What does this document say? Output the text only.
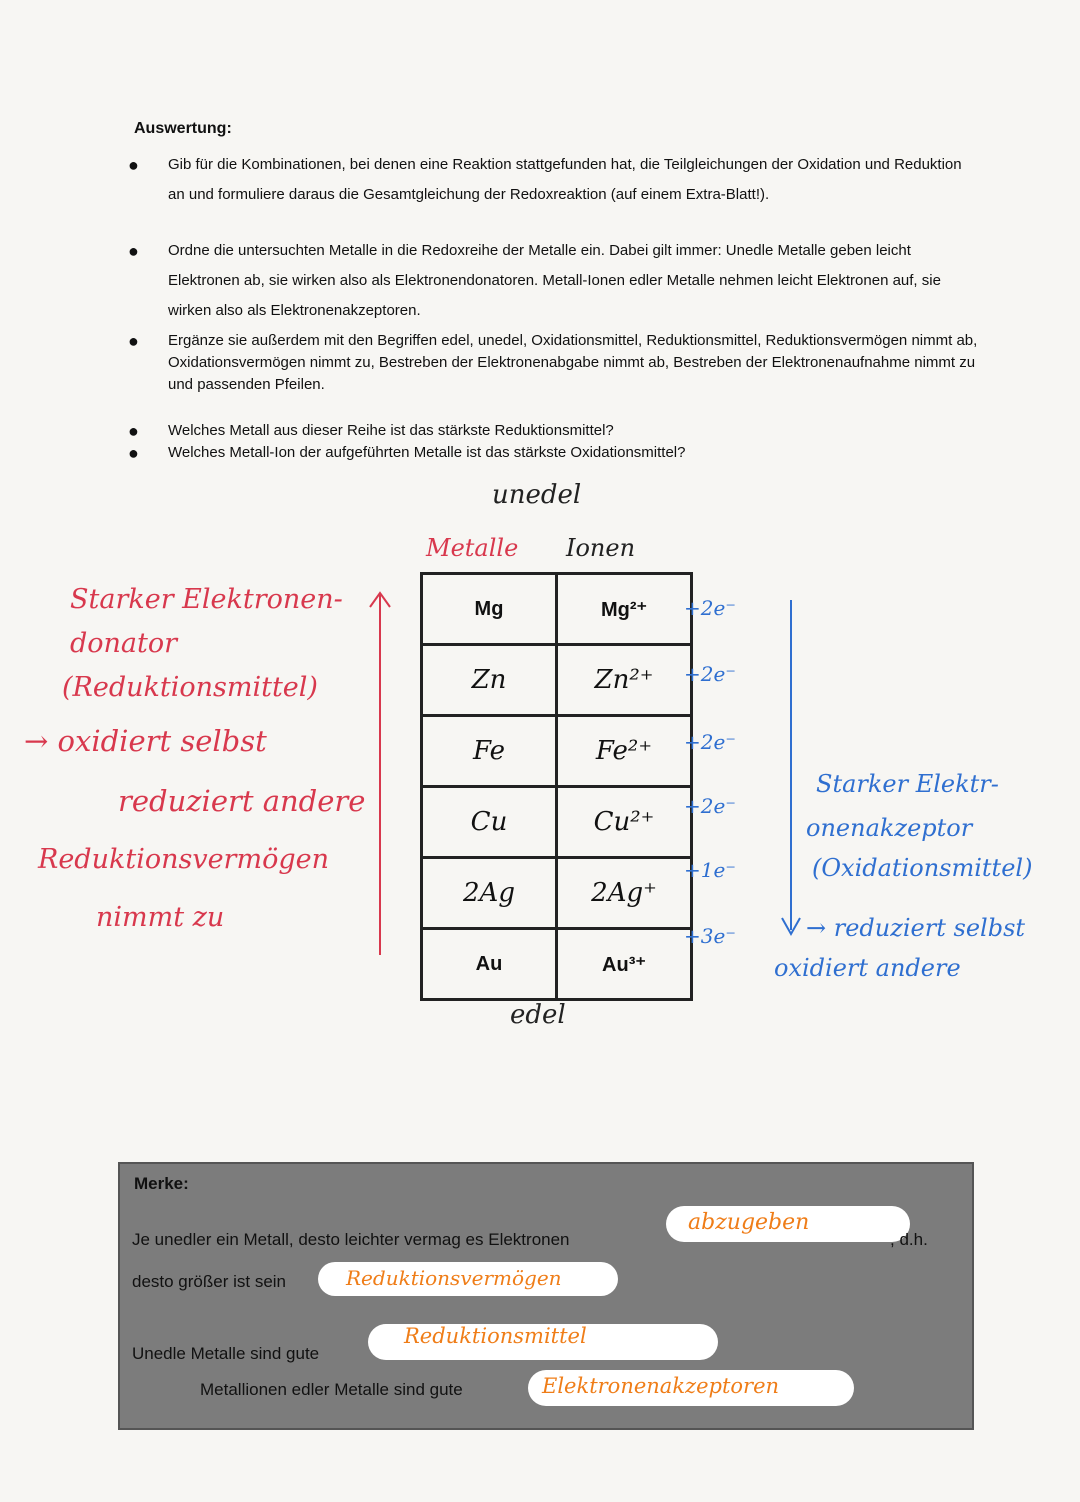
Auswertung:
●	Gib für die Kombinationen, bei denen eine Reaktion stattgefunden hat, die Teilgleichungen der Oxidation und Reduktion an und formuliere daraus die Gesamtgleichung der Redoxreaktion (auf einem Extra-Blatt!).
●	Ordne die untersuchten Metalle in die Redoxreihe der Metalle ein. Dabei gilt immer: Unedle Metalle geben leicht Elektronen ab, sie wirken also als Elektronendonatoren. Metall-Ionen edler Metalle nehmen leicht Elektronen auf, sie wirken also als Elektronenakzeptoren.
●	Ergänze sie außerdem mit den Begriffen edel, unedel, Oxidationsmittel, Reduktionsmittel, Reduktionsvermögen nimmt ab, Oxidationsvermögen nimmt zu, Bestreben der Elektronenabgabe nimmt ab, Bestreben der Elektronenaufnahme nimmt zu und passenden Pfeilen.
●	Welches Metall aus dieser Reihe ist das stärkste Reduktionsmittel?
●	Welches Metall-Ion der aufgeführten Metalle ist das stärkste Oxidationsmittel?
unedel
Metalle Ionen
Mg	Mg²⁺
Zn	Zn²⁺
Fe	Fe²⁺
Cu	Cu²⁺
2Ag	2Ag⁺
Au	Au³⁺
+2e⁻
+2e⁻
+2e⁻
+2e⁻
+1e⁻
+3e⁻
Starker Elektronen-
donator
(Reduktionsmittel)
→ oxidiert selbst
reduziert andere
Reduktionsvermögen
nimmt zu
Starker Elektr-
onenakzeptor
(Oxidationsmittel)
→ reduziert selbst
oxidiert andere
edel
Merke:
Je unedler ein Metall, desto leichter vermag es Elektronen
abzugeben
, d.h.
desto größer ist sein	Reduktionsvermögen
Unedle Metalle sind gute
Reduktionsmittel
Metallionen edler Metalle sind gute	Elektronenakzeptoren
